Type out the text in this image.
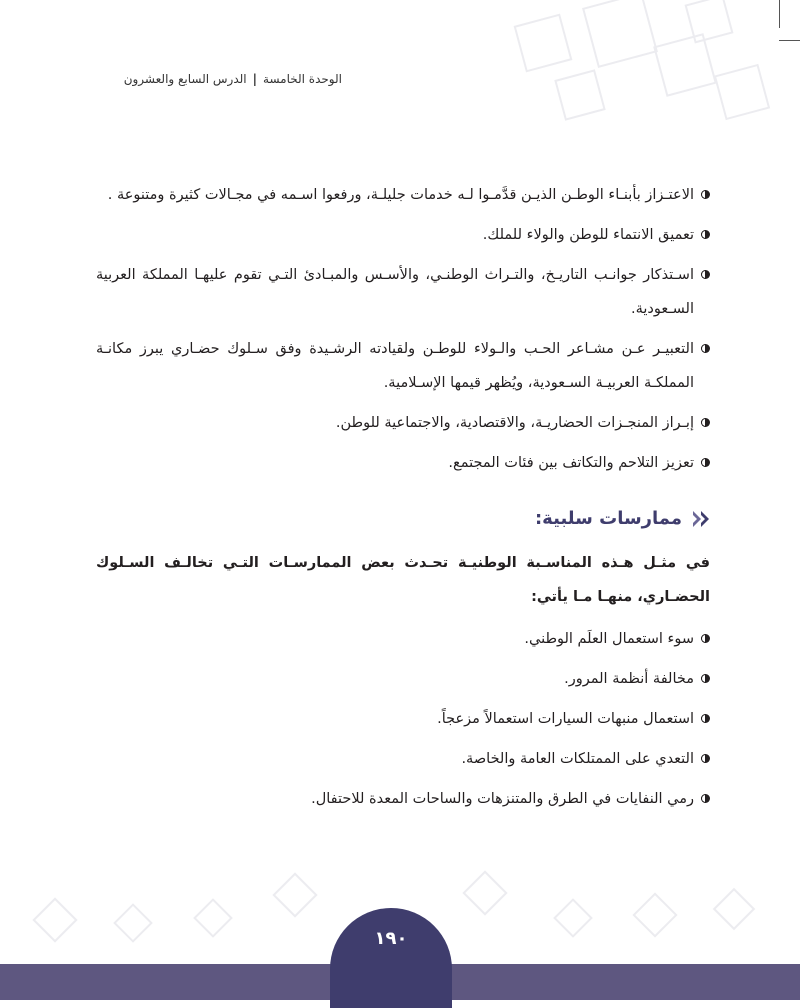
الوحدة الخامسة|الدرس السابع والعشرون
الاعتـزاز بأبنـاء الوطـن الذيـن قدَّمـوا لـه خدمات جليلـة، ورفعوا اسـمه في مجـالات كثيرة ومتنوعة .
تعميق الانتماء للوطن والولاء للملك.
اسـتذكار جوانـب التاريـخ، والتـراث الوطنـي، والأسـس والمبـادئ التـي تقوم عليهـا المملكة العربية السـعودية.
التعبيـر عـن مشـاعر الحـب والـولاء للوطـن ولقيادته الرشـيدة وفق سـلوك حضـاري يبرز مكانـة المملكـة العربيـة السـعودية، ويُظهر قيمها الإسـلامية.
إبـراز المنجـزات الحضاريـة، والاقتصادية، والاجتماعية للوطن.
تعزيز التلاحم والتكاتف بين فئات المجتمع.
ممارسات سلبية:
في مثـل هـذه المناسـبة الوطنيـة تحـدث بعض الممارسـات التـي تخالـف السـلوك الحضـاري، منهـا مـا يأتي:
سوء استعمال العلَم الوطني.
مخالفة أنظمة المرور.
استعمال منبهات السيارات استعمالاً مزعجاً.
التعدي على الممتلكات العامة والخاصة.
رمي النفايات في الطرق والمتنزهات والساحات المعدة للاحتفال.
١٩٠
